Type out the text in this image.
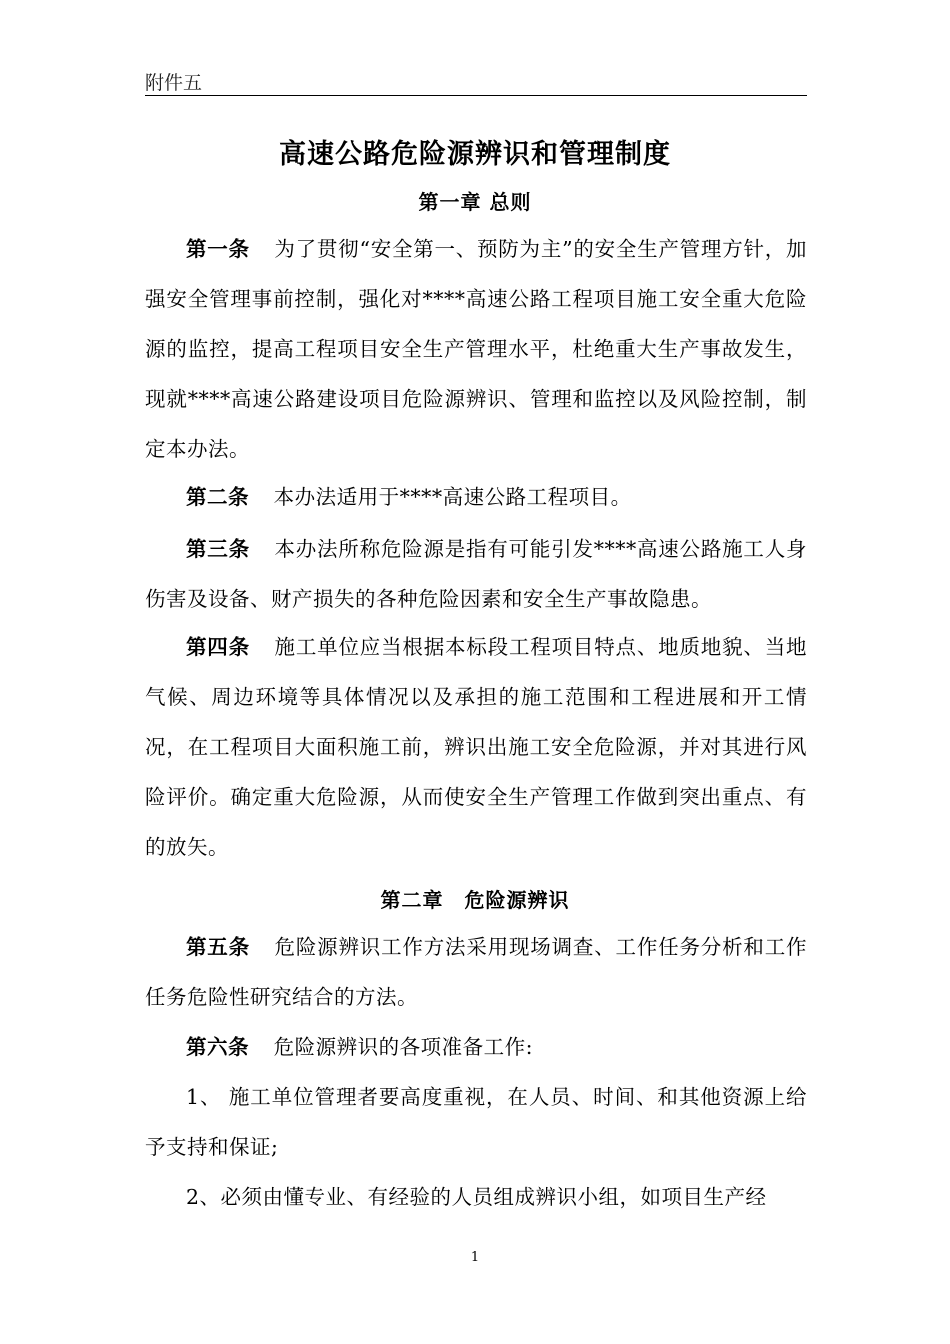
附件五
高速公路危险源辨识和管理制度
第一章 总则
第一条 为了贯彻“安全第一、预防为主”的安全生产管理方针，加强安全管理事前控制，强化对****高速公路工程项目施工安全重大危险源的监控，提高工程项目安全生产管理水平，杜绝重大生产事故发生，现就****高速公路建设项目危险源辨识、管理和监控以及风险控制，制定本办法。
第二条 本办法适用于****高速公路工程项目。
第三条 本办法所称危险源是指有可能引发****高速公路施工人身伤害及设备、财产损失的各种危险因素和安全生产事故隐患。
第四条 施工单位应当根据本标段工程项目特点、地质地貌、当地气候、周边环境等具体情况以及承担的施工范围和工程进展和开工情况，在工程项目大面积施工前，辨识出施工安全危险源，并对其进行风险评价。确定重大危险源，从而使安全生产管理工作做到突出重点、有的放矢。
第二章　危险源辨识
第五条 危险源辨识工作方法采用现场调查、工作任务分析和工作任务危险性研究结合的方法。
第六条 危险源辨识的各项准备工作:
1、 施工单位管理者要高度重视，在人员、时间、和其他资源上给予支持和保证;
2、必须由懂专业、有经验的人员组成辨识小组，如项目生产经
1
